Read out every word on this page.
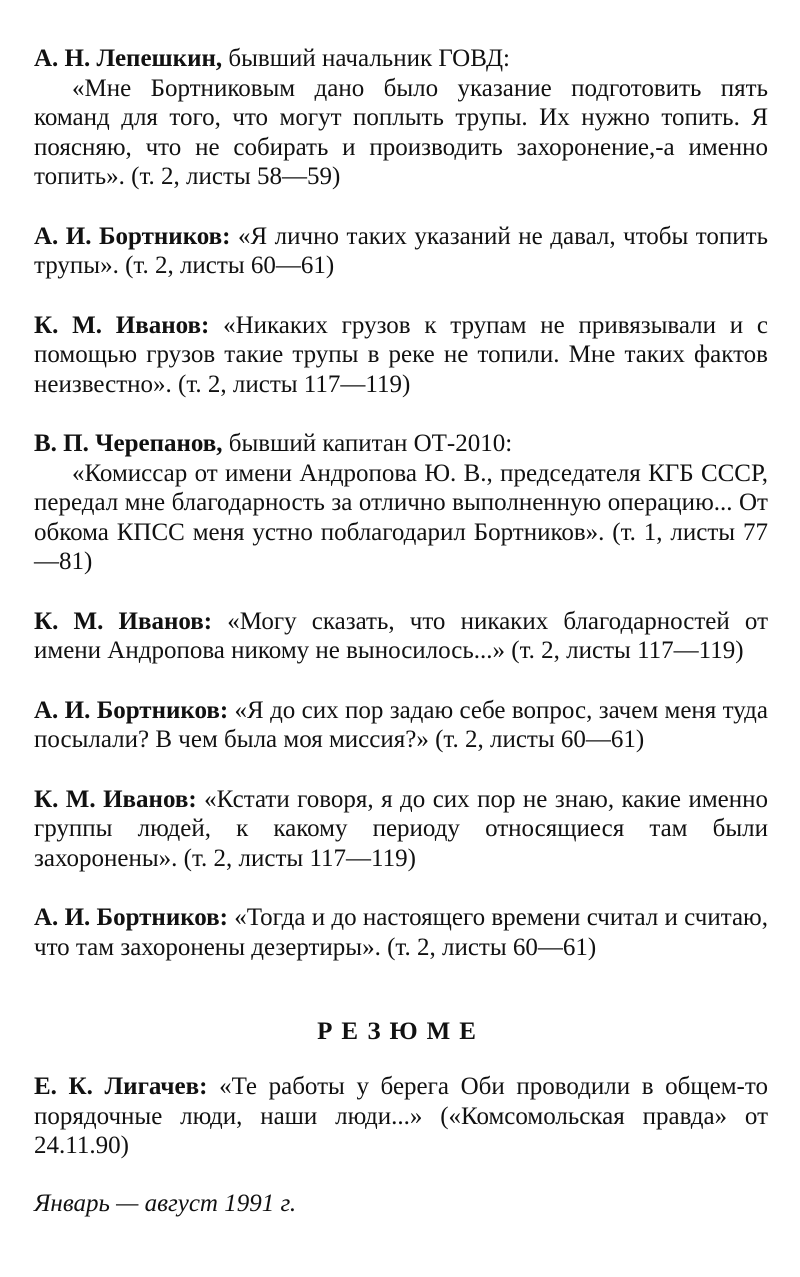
А. Н. Лепешкин, бывший начальник ГОВД:
«Мне Бортниковым дано было указание подготовить пять команд для того, что могут поплыть трупы. Их нужно топить. Я поясняю, что не собирать и производить захоронение,-а именно топить». (т. 2, листы 58—59)

А. И. Бортников: «Я лично таких указаний не давал, чтобы топить трупы». (т. 2, листы 60—61)

К. М. Иванов: «Никаких грузов к трупам не привязывали и с помощью грузов такие трупы в реке не топили. Мне таких фактов неизвестно». (т. 2, листы 117—119)

В. П. Черепанов, бывший капитан ОТ-2010:
«Комиссар от имени Андропова Ю. В., председателя КГБ СССР, передал мне благодарность за отлично выполненную операцию... От обкома КПСС меня устно поблагодарил Бортников». (т. 1, листы 77—81)

К. М. Иванов: «Могу сказать, что никаких благодарностей от имени Андропова никому не выносилось...» (т. 2, листы 117—119)

А. И. Бортников: «Я до сих пор задаю себе вопрос, зачем меня туда посылали? В чем была моя миссия?» (т. 2, листы 60—61)

К. М. Иванов: «Кстати говоря, я до сих пор не знаю, какие именно группы людей, к какому периоду относящиеся там были захоронены». (т. 2, листы 117—119)

А. И. Бортников: «Тогда и до настоящего времени считал и считаю, что там захоронены дезертиры». (т. 2, листы 60—61)

РЕЗЮМЕ

Е. К. Лигачев: «Те работы у берега Оби проводили в общем-то порядочные люди, наши люди...» («Комсомольская правда» от 24.11.90)

Январь — август 1991 г.
